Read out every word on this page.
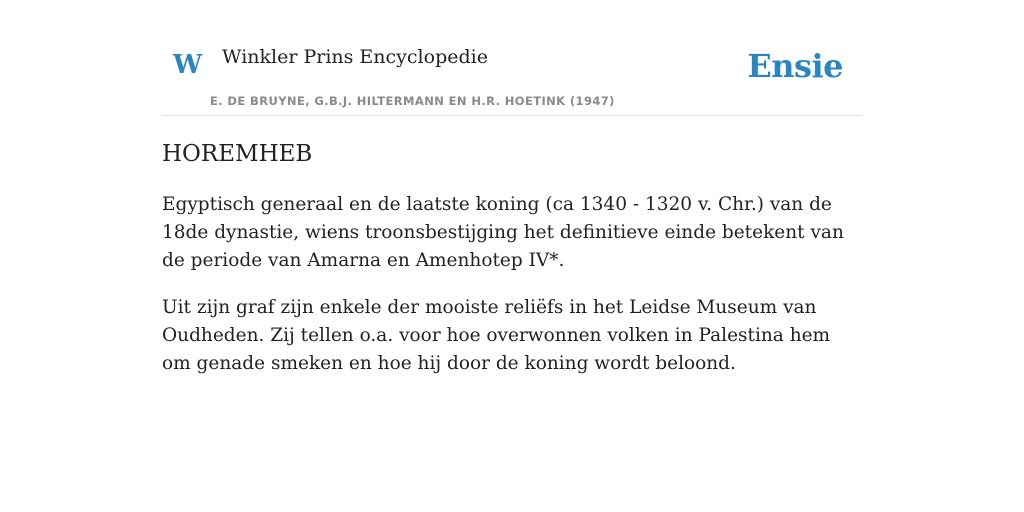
W Winkler Prins Encyclopedie
E. DE BRUYNE, G.B.J. HILTERMANN EN H.R. HOETINK (1947)
Ensie
HOREMHEB

Egyptisch generaal en de laatste koning (ca 1340 - 1320 v. Chr.) van de 18de dynastie, wiens troonsbestijging het definitieve einde betekent van de periode van Amarna en Amenhotep IV*.

Uit zijn graf zijn enkele der mooiste reliëfs in het Leidse Museum van Oudheden. Zij tellen o.a. voor hoe overwonnen volken in Palestina hem om genade smeken en hoe hij door de koning wordt beloond.
